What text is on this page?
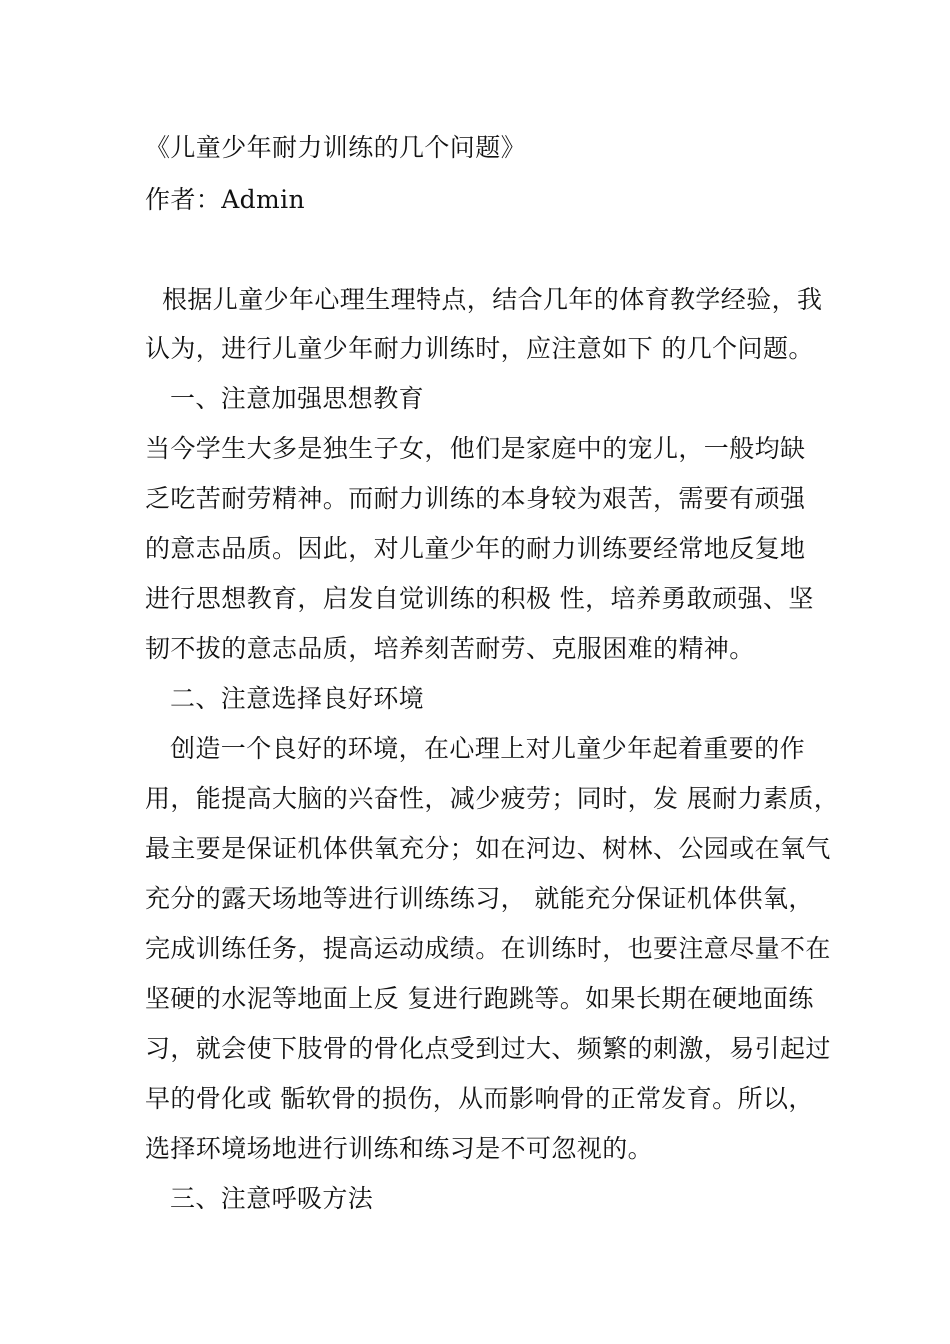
《儿童少年耐力训练的几个问题》
作者：Admin
根据儿童少年心理生理特点，结合几年的体育教学经验，我
认为，进行儿童少年耐力训练时，应注意如下 的几个问题。
一、注意加强思想教育
当今学生大多是独生子女，他们是家庭中的宠儿，一般均缺
乏吃苦耐劳精神。而耐力训练的本身较为艰苦，需要有顽强
的意志品质。因此，对儿童少年的耐力训练要经常地反复地
进行思想教育，启发自觉训练的积极 性，培养勇敢顽强、坚
韧不拔的意志品质，培养刻苦耐劳、克服困难的精神。
二、注意选择良好环境
创造一个良好的环境，在心理上对儿童少年起着重要的作
用，能提高大脑的兴奋性，减少疲劳；同时，发 展耐力素质，
最主要是保证机体供氧充分；如在河边、树林、公园或在氧气
充分的露天场地等进行训练练习， 就能充分保证机体供氧，
完成训练任务，提高运动成绩。在训练时，也要注意尽量不在
坚硬的水泥等地面上反 复进行跑跳等。如果长期在硬地面练
习，就会使下肢骨的骨化点受到过大、频繁的刺激，易引起过
早的骨化或 骺软骨的损伤，从而影响骨的正常发育。所以，
选择环境场地进行训练和练习是不可忽视的。
三、注意呼吸方法
